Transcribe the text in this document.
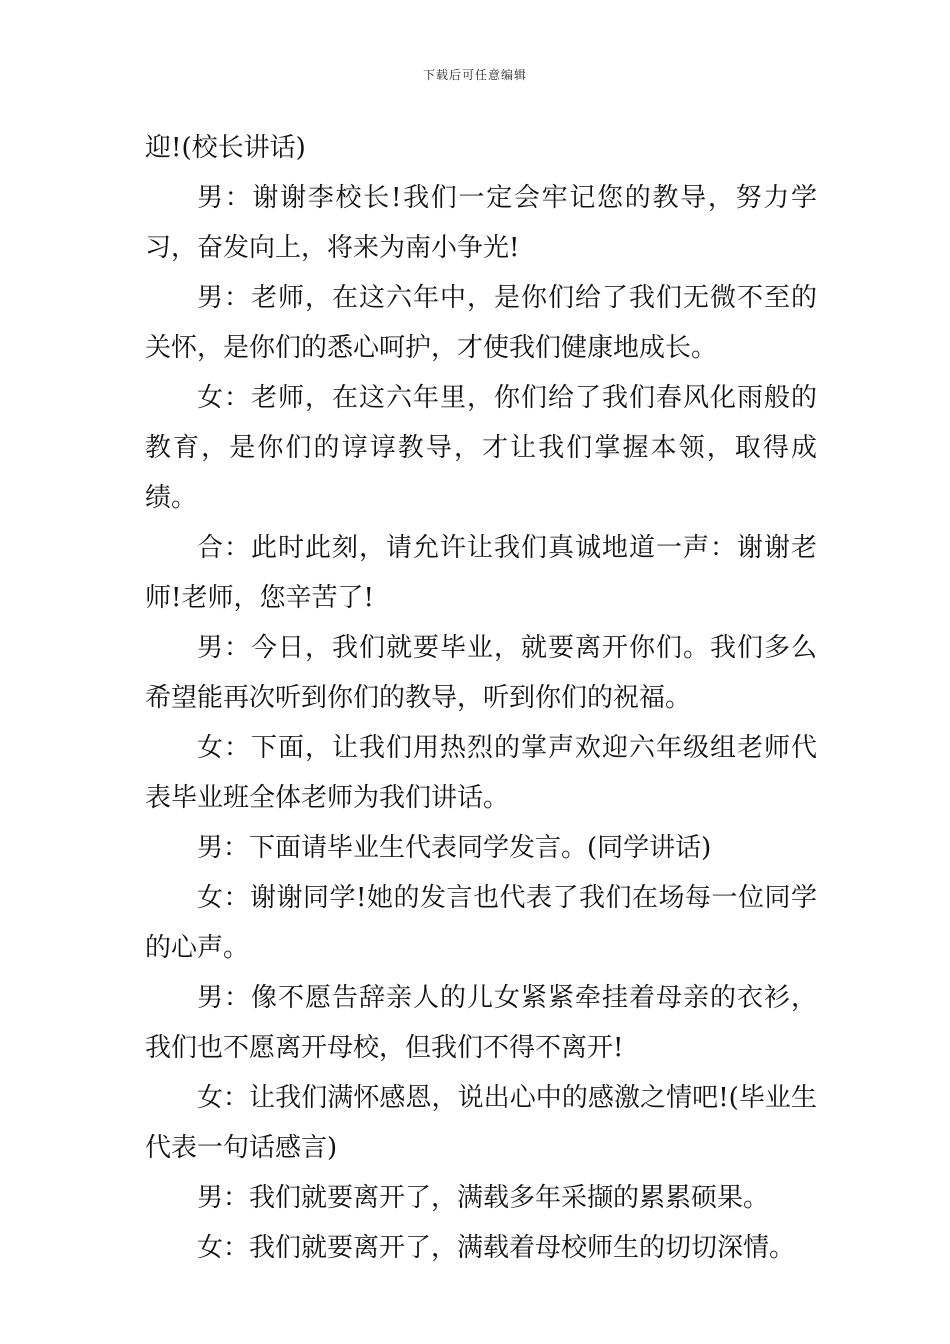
下载后可任意编辑

迎!(校长讲话)

男：谢谢李校长!我们一定会牢记您的教导，努力学习，奋发向上，将来为南小争光!

男：老师，在这六年中，是你们给了我们无微不至的关怀，是你们的悉心呵护，才使我们健康地成长。

女：老师，在这六年里，你们给了我们春风化雨般的教育，是你们的谆谆教导，才让我们掌握本领，取得成绩。

合：此时此刻，请允许让我们真诚地道一声：谢谢老师!老师，您辛苦了!

男：今日，我们就要毕业，就要离开你们。我们多么希望能再次听到你们的教导，听到你们的祝福。

女：下面，让我们用热烈的掌声欢迎六年级组老师代表毕业班全体老师为我们讲话。

男：下面请毕业生代表同学发言。(同学讲话)

女：谢谢同学!她的发言也代表了我们在场每一位同学的心声。

男：像不愿告辞亲人的儿女紧紧牵挂着母亲的衣衫，我们也不愿离开母校，但我们不得不离开!

女：让我们满怀感恩，说出心中的感激之情吧!(毕业生代表一句话感言)

男：我们就要离开了，满载多年采撷的累累硕果。

女：我们就要离开了，满载着母校师生的切切深情。
